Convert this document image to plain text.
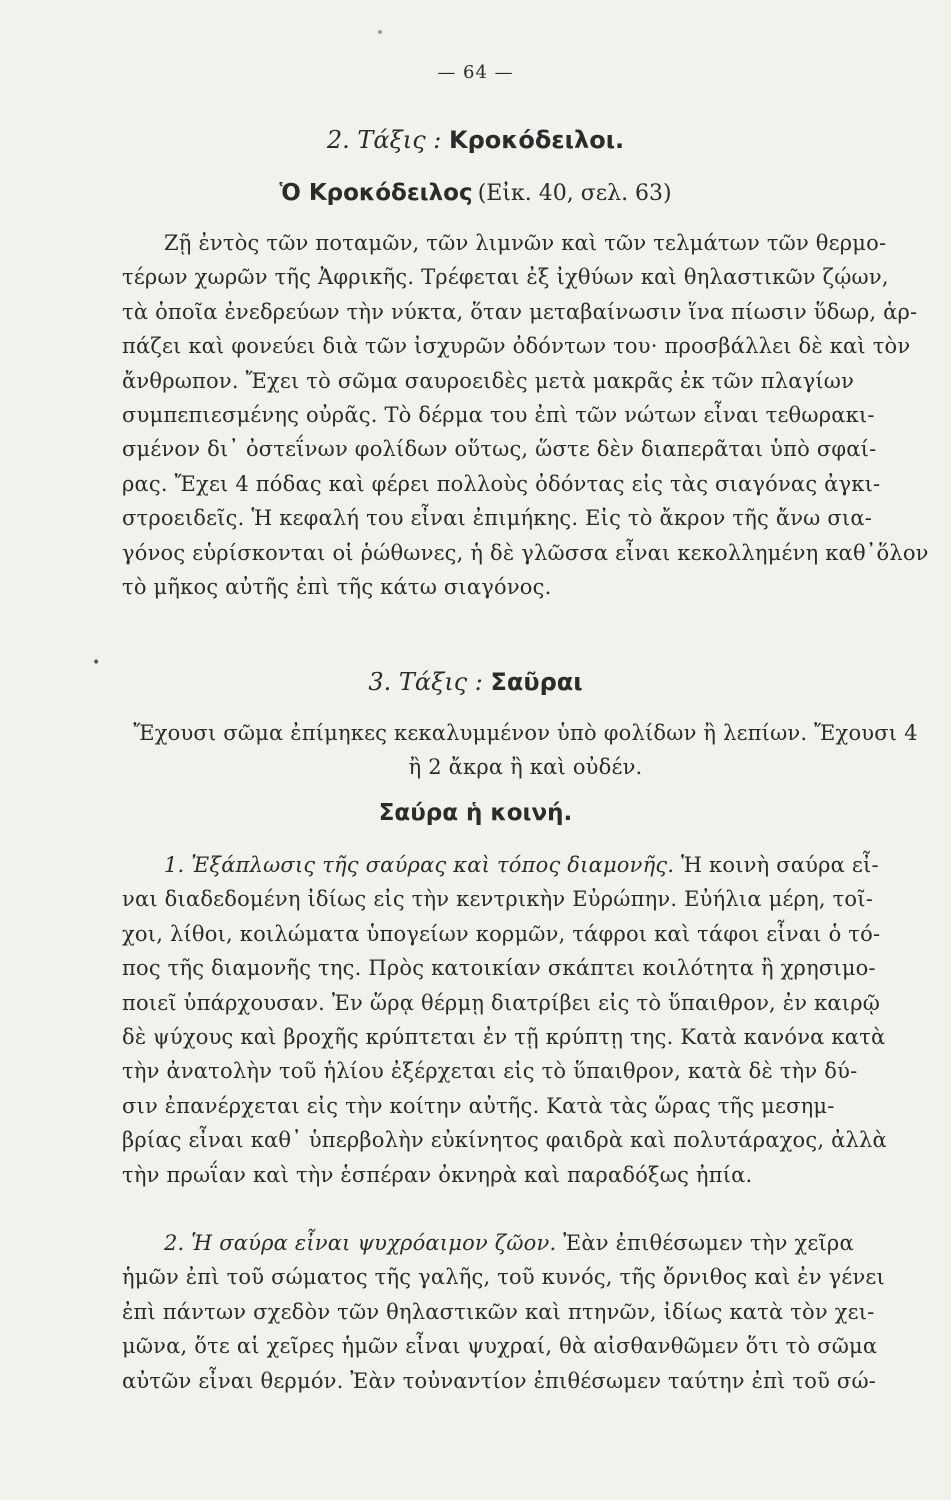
— 64 —
2. Τάξις : Κροκόδειλοι.
Ὁ Κροκόδειλος (Εἰκ. 40, σελ. 63)
Ζῇ ἐντὸς τῶν ποταμῶν, τῶν λιμνῶν καὶ τῶν τελμάτων τῶν θερμο-
τέρων χωρῶν τῆς Ἀφρικῆς. Τρέφεται ἐξ ἰχθύων καὶ θηλαστικῶν ζῴων,
τὰ ὁποῖα ἐνεδρεύων τὴν νύκτα, ὅταν μεταβαίνωσιν ἵνα πίωσιν ὕδωρ, ἁρ-
πάζει καὶ φονεύει διὰ τῶν ἰσχυρῶν ὀδόντων του· προσβάλλει δὲ καὶ τὸν
ἄνθρωπον. Ἔχει τὸ σῶμα σαυροειδὲς μετὰ μακρᾶς ἐκ τῶν πλαγίων
συμπεπιεσμένης οὐρᾶς. Τὸ δέρμα του ἐπὶ τῶν νώτων εἶναι τεθωρακι-
σμένον δι᾽ ὀστεΐνων φολίδων οὕτως, ὥστε δὲν διαπερᾶται ὑπὸ σφαί-
ρας. Ἔχει 4 πόδας καὶ φέρει πολλοὺς ὀδόντας εἰς τὰς σιαγόνας ἀγκι-
στροειδεῖς. Ἡ κεφαλή του εἶναι ἐπιμήκης. Εἰς τὸ ἄκρον τῆς ἄνω σια-
γόνος εὑρίσκονται οἱ ῥώθωνες, ἡ δὲ γλῶσσα εἶναι κεκολλημένη καθ᾽ὅλον
τὸ μῆκος αὐτῆς ἐπὶ τῆς κάτω σιαγόνος.
•
3. Τάξις : Σαῦραι
Ἔχουσι σῶμα ἐπίμηκες κεκαλυμμένον ὑπὸ φολίδων ἢ λεπίων. Ἔχουσι 4
ἢ 2 ἄκρα ἢ καὶ οὐδέν.
Σαύρα ἡ κοινή.
1. Ἐξάπλωσις τῆς σαύρας καὶ τόπος διαμονῆς. Ἡ κοινὴ σαύρα εἶ-
ναι διαδεδομένη ἰδίως εἰς τὴν κεντρικὴν Εὐρώπην. Εὐήλια μέρη, τοῖ-
χοι, λίθοι, κοιλώματα ὑπογείων κορμῶν, τάφροι καὶ τάφοι εἶναι ὁ τό-
πος τῆς διαμονῆς της. Πρὸς κατοικίαν σκάπτει κοιλότητα ἢ χρησιμο-
ποιεῖ ὑπάρχουσαν. Ἐν ὥρᾳ θέρμῃ διατρίβει εἰς τὸ ὕπαιθρον, ἐν καιρῷ
δὲ ψύχους καὶ βροχῆς κρύπτεται ἐν τῇ κρύπτῃ της. Κατὰ κανόνα κατὰ
τὴν ἀνατολὴν τοῦ ἡλίου ἐξέρχεται εἰς τὸ ὕπαιθρον, κατὰ δὲ τὴν δύ-
σιν ἐπανέρχεται εἰς τὴν κοίτην αὐτῆς. Κατὰ τὰς ὥρας τῆς μεσημ-
βρίας εἶναι καθ᾽ ὑπερβολὴν εὐκίνητος φαιδρὰ καὶ πολυτάραχος, ἀλλὰ
τὴν πρωΐαν καὶ τὴν ἑσπέραν ὀκνηρὰ καὶ παραδόξως ἠπία.
2. Ἡ σαύρα εἶναι ψυχρόαιμον ζῶον. Ἐὰν ἐπιθέσωμεν τὴν χεῖρα
ἡμῶν ἐπὶ τοῦ σώματος τῆς γαλῆς, τοῦ κυνός, τῆς ὄρνιθος καὶ ἐν γένει
ἐπὶ πάντων σχεδὸν τῶν θηλαστικῶν καὶ πτηνῶν, ἰδίως κατὰ τὸν χει-
μῶνα, ὅτε αἱ χεῖρες ἡμῶν εἶναι ψυχραί, θὰ αἰσθανθῶμεν ὅτι τὸ σῶμα
αὐτῶν εἶναι θερμόν. Ἐὰν τοὐναντίον ἐπιθέσωμεν ταύτην ἐπὶ τοῦ σώ-
